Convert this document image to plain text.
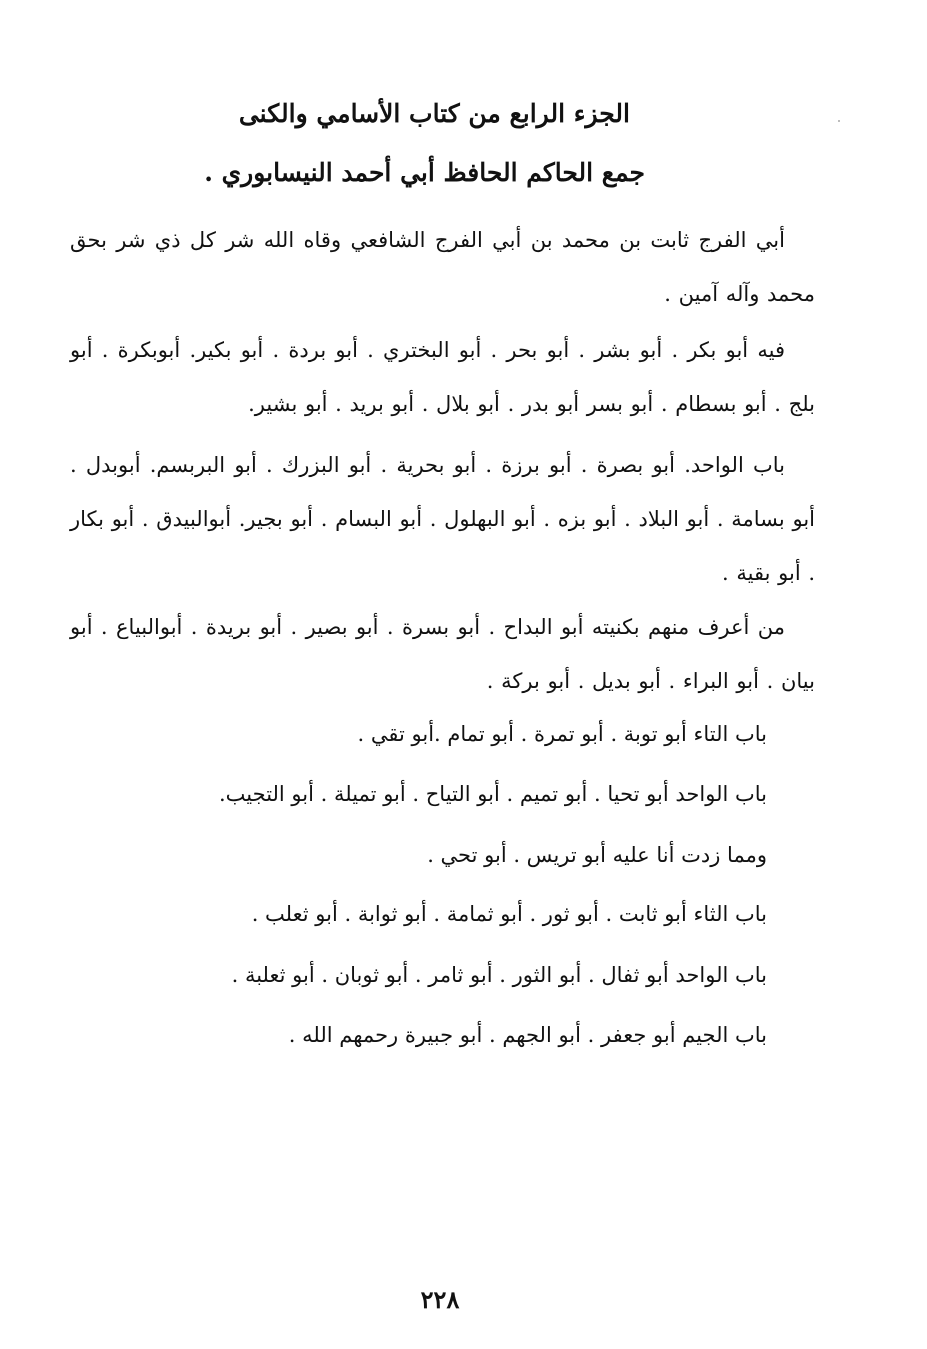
الجزء الرابع من كتاب الأسامي والكنى
جمع الحاكم الحافظ أبي أحمد النيسابوري .
أبي الفرج ثابت بن محمد بن أبي الفرج الشافعي وقاه الله شر كل ذي شر بحق محمد وآله آمين .
فيه أبو بكر . أبو بشر . أبو بحر . أبو البختري . أبو بردة . أبو بكير. أبوبكرة . أبو بلج . أبو بسطام . أبو بسر أبو بدر . أبو بلال . أبو بريد . أبو بشير.
باب الواحد. أبو بصرة . أبو برزة . أبو بحرية . أبو البزرك . أبو البربسم. أبوبدل . أبو بسامة . أبو البلاد . أبو بزه . أبو البهلول . أبو البسام . أبو بجير. أبوالبيدق . أبو بكار . أبو بقية .
من أعرف منهم بكنيته أبو البداح . أبو بسرة . أبو بصير . أبو بريدة . أبوالبياع . أبو بيان . أبو البراء . أبو بديل . أبو بركة .
باب التاء أبو توبة . أبو تمرة . أبو تمام .أبو تقي .
باب الواحد أبو تحيا . أبو تميم . أبو التياح . أبو تميلة . أبو التجيب.
ومما زدت أنا عليه أبو تريس . أبو تحي .
باب الثاء أبو ثابت . أبو ثور . أبو ثمامة . أبو ثوابة . أبو ثعلب .
باب الواحد أبو ثفال . أبو الثور . أبو ثامر . أبو ثوبان . أبو ثعلبة .
باب الجيم أبو جعفر . أبو الجهم . أبو جبيرة رحمهم الله .
٢٢٨
